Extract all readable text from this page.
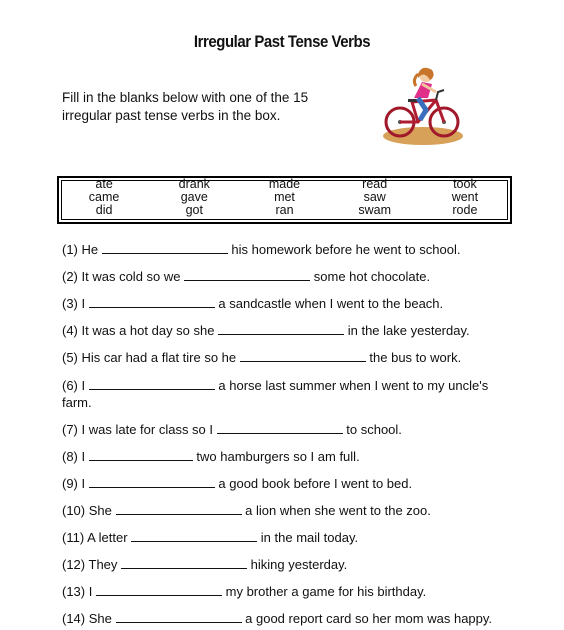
Irregular Past Tense Verbs
Fill in the blanks below with one of the 15 irregular past tense verbs in the box.
ate	drank	made	read	took
came	gave	met	saw	went
did	got	ran	swam	rode
(1) He	his homework before he went to school.
(2) It was cold so we	some hot chocolate.
(3) I	a sandcastle when I went to the beach.
(4) It was a hot day so she	in the lake yesterday.
(5) His car had a flat tire so he	the bus to work.
(6) I	a horse last summer when I went to my uncle's farm.
(7) I was late for class so I	to school.
(8) I	two hamburgers so I am full.
(9) I	a good book before I went to bed.
(10) She	a lion when she went to the zoo.
(11) A letter	in the mail today.
(12) They	hiking yesterday.
(13) I	my brother a game for his birthday.
(14) She	a good report card so her mom was happy.
